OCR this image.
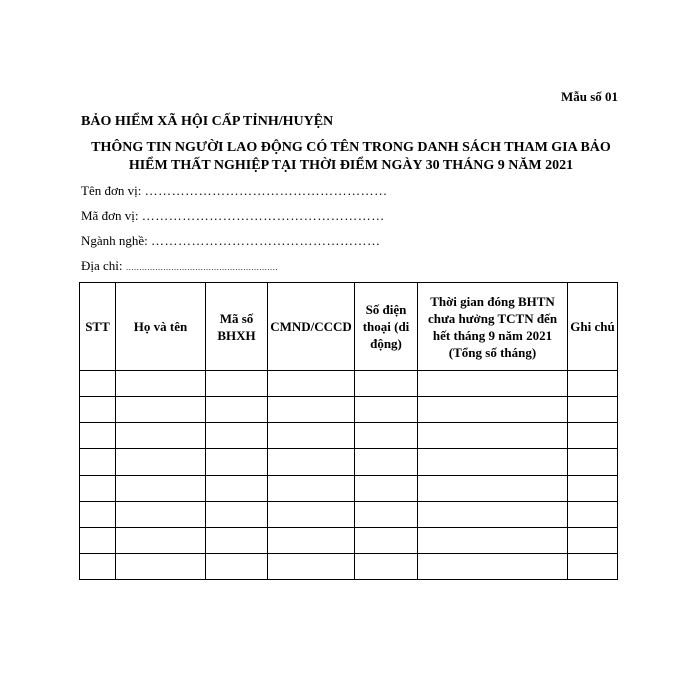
Mẫu số 01
BẢO HIỂM XÃ HỘI CẤP TỈNH/HUYỆN
THÔNG TIN NGƯỜI LAO ĐỘNG CÓ TÊN TRONG DANH SÁCH THAM GIA BẢO
HIỂM THẤT NGHIỆP TẠI THỜI ĐIỂM NGÀY 30 THÁNG 9 NĂM 2021
Tên đơn vị: ………………………………………………
Mã đơn vị: ………………………………………………
Ngành nghề: ……………………………………………
Địa chỉ: …………………………………………………
STT	Họ và tên	Mã số BHXH	CMND/CCCD	Số điện thoại (di động)	Thời gian đóng BHTN chưa hưởng TCTN đến hết tháng 9 năm 2021 (Tổng số tháng)	Ghi chú
